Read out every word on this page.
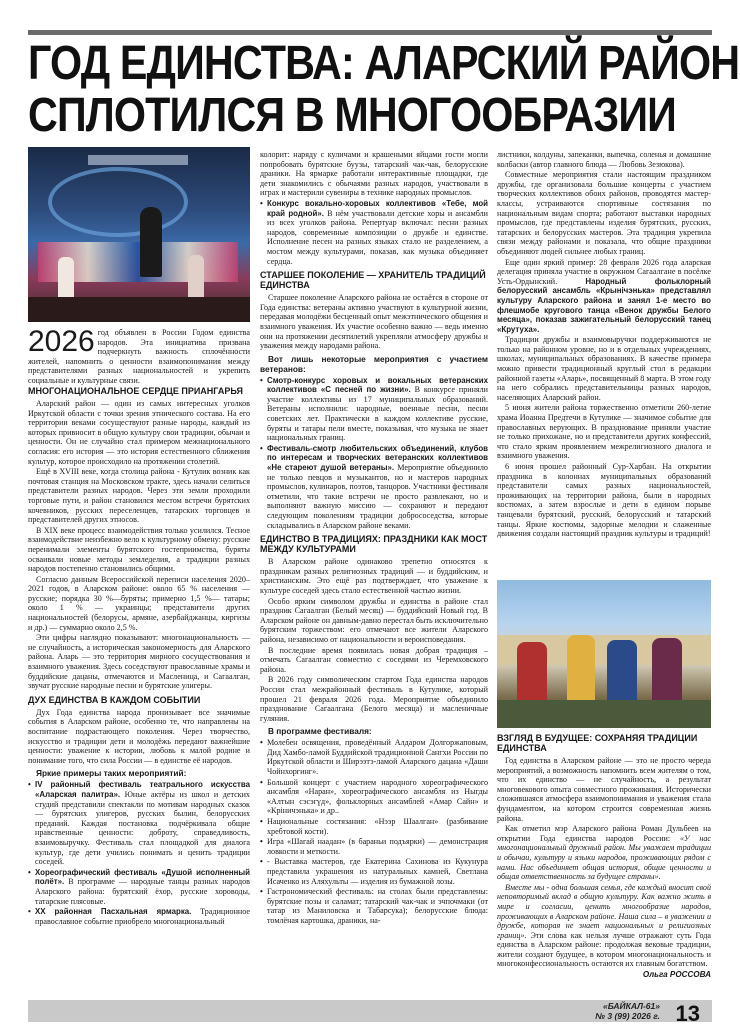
ГОД ЕДИНСТВА: АЛАРСКИЙ РАЙОН
СПЛОТИЛСЯ В МНОГООБРАЗИИ
2026 год объявлен в России Годом единства народов. Эта инициатива призвана подчеркнуть важность сплочённости жителей, напомнить о ценности взаимопонимания между представителями разных национальностей и укрепить социальные и культурные связи.
МНОГОНАЦИОНАЛЬНОЕ СЕРДЦЕ ПРИАНГАРЬЯ

Аларский район — один из самых интересных уголков Иркутской области с точки зрения этнического состава. На его территории веками сосуществуют разные народы, каждый из которых привносит в общую культуру свои традиции, обычаи и ценности. Он не случайно стал примером межнационального согласия: его история — это история естественного сближения культур, которое происходило на протяжении столетий.

Ещё в XVIII веке, когда столица района - Кутулик возник как почтовая станция на Московском тракте, здесь начали селиться представители разных народов. Через эти земли проходили торговые пути, и район становился местом встречи бурятских кочевников, русских переселенцев, татарских торговцев и представителей других этносов.

В XIX веке процесс взаимодействия только усилился. Тесное взаимодействие неизбежно вело к культурному обмену: русские перенимали элементы бурятского гостеприимства, буряты осваивали новые методы земледелия, а традиции разных народов постепенно становились общими.

Согласно данным Всероссийской переписи населения 2020–2021 годов, в Аларском районе: около 65 % населения — русские; порядка 30 %—буряты; примерно 1,5 %— татары; около 1 % — украинцы; представители других национальностей (белорусы, армяне, азербайджанцы, киргизы и др.) — суммарно около 2,5 %.

Эти цифры наглядно показывают: многонациональность — не случайность, а историческая закономерность для Аларского района. Аларь — это территория мирного сосуществования и взаимного уважения. Здесь соседствуют православные храмы и буддийские дацаны, отмечаются и Масленица, и Сагаалган, звучат русские народные песни и бурятские улигеры.

ДУХ ЕДИНСТВА В КАЖДОМ СОБЫТИИ

Дух Года единства народа пронизывает все значимые события в Аларском районе, особенно те, что направлены на воспитание подрастающего поколения. Через творчество, искусство и традиции дети и молодёжь передают важнейшие ценности: уважение к истории, любовь к малой родине и понимание того, что сила России — в единстве её народов.

Яркие примеры таких мероприятий:
• IV районный фестиваль театрального искусства «Аларская палитра». Юные актёры из школ и детских студий представили спектакли по мотивам народных сказок — бурятских улигеров, русских былин, белорусских преданий. Каждая постановка подчёркивала общие нравственные ценности: доброту, справедливость, взаимовыручку. Фестиваль стал площадкой для диалога культур, где дети учились понимать и ценить традиции соседей.
• Хореографический фестиваль «Душой исполненный полёт». В программе — народные танцы разных народов Аларского района: бурятский ёхор, русские хороводы, татарские плясовые.
• XX районная Пасхальная ярмарка. Традиционное православное событие приобрело многонациональный

колорит: наряду с куличами и крашеными яйцами гости могли попробовать бурятские буузы, татарский чак-чак, белорусские драники. На ярмарке работали интерактивные площадки, где дети знакомились с обычаями разных народов, участвовали в играх и мастерили сувениры в технике народных промыслов.

• Конкурс вокально-хоровых коллективов «Тебе, мой край родной». В нём участвовали детские хоры и ансамбли из всех уголков района. Репертуар включал: песни разных народов, современные композиции о дружбе и единстве. Исполнение песен на разных языках стало не разделением, а мостом между культурами, показав, как музыка объединяет сердца.
СТАРШЕЕ ПОКОЛЕНИЕ — ХРАНИТЕЛЬ ТРАДИЦИЙ ЕДИНСТВА

Старшее поколение Аларского района не остаётся в стороне от Года единства: ветераны активно участвуют в культурной жизни, передавая молодёжи бесценный опыт межэтнического общения и взаимного уважения. Их участие особенно важно — ведь именно они на протяжении десятилетий укрепляли атмосферу дружбы и уважения между народами района.

Вот лишь некоторые мероприятия с участием ветеранов:
• Смотр-конкурс хоровых и вокальных ветеранских коллективов «С песней по жизни». В конкурсе приняли участие коллективы из 17 муниципальных образований. Ветераны исполнили: народные, военные песни, песни советских лет. Практически в каждом коллективе русские, буряты и татары пели вместе, показывая, что музыка не знает национальных границ.
• Фестиваль-смотр любительских объединений, клубов по интересам и творческих ветеранских коллективов «Не стареют душой ветераны». Мероприятие объединило не только певцов и музыкантов, но и мастеров народных промыслов, кулинаров, поэтов, танцоров. Участники фестиваля отметили, что такие встречи не просто развлекают, но и выполняют важную миссию — сохраняют и передают следующим поколениям традиции добрососедства, которые складывались в Аларском районе веками.
ЕДИНСТВО В ТРАДИЦИЯХ: ПРАЗДНИКИ КАК МОСТ МЕЖДУ КУЛЬТУРАМИ

В Аларском районе одинаково трепетно относятся к праздникам разных религиозных традиций — и буддийским, и христианским. Это ещё раз подтверждает, что уважение к культуре соседей здесь стало естественной частью жизни.

Особо ярким символом дружбы и единства в районе стал праздник Сагаалган (Белый месяц) — буддийский Новый год. В Аларском районе он давным-давно перестал быть исключительно бурятским торжеством: его отмечают все жители Аларского района, независимо от национальности и вероисповедания.

В последние время появилась новая добрая традиция – отмечать Сагаалган совместно с соседями из Черемховского района.

В 2026 году символическим стартом Года единства народов России стал межрайонный фестиваль в Кутулике, который прошел 21 февраля 2026 года. Мероприятие объединило празднование Сагаалгана (Белого месяца) и масленичные гуляния.

В программе фестиваля:
• Молебен освящения, проведённый Алдаром Долгоржаповым, Дид Хамбо-ламой Буддийской традиционной Сангхи России по Иркутской области и Ширээтэ-ламой Аларского дацана «Даши Чойнхоргинг».
• Большой концерт с участием народного хореографического ансамбля «Наран», хореографического ансамбля из Ныгды «Алтын сэсэгүд», фольклорных ансамблей «Амар Сайн» и «Крiничэнька» и др..
• Национальные состязания: «Нээр Шаалган» (разбивание хребтовой кости).
• Игра «Шагай наадан» (в бараньи подъярки) — демонстрация ловкости и меткости.
• - Выставка мастеров, где Екатерина Сахинова из Кукунура представила украшения из натуральных камней, Светлана Исаченко из Аляхульты — изделия из бумажной лозы.
• Гастрономический фестиваль: на столах были представлены: бурятские позы и саламат; татарский чак-чак и эчпочмаки (от татар из Маниловска и Табарсука); белорусские блюда: томлёная картошка, драники, на-

листники, колдуны, запеканки, выпечка, соленья и домашние колбаски (автор главного блюда — Любовь Зезюкова).

Совместные мероприятия стали настоящим праздником дружбы, где организовала большие концерты с участием творческих коллективов обоих районов, проводятся мастер-классы, устраиваются спортивные состязания по национальным видам спорта; работают выставки народных промыслов, где представлены изделия бурятских, русских, татарских и белорусских мастеров. Эта традиция укрепила связи между районами и показала, что общие праздники объединяют людей сильнее любых границ.

Еще один яркий пример: 28 февраля 2026 года аларская делегация приняла участие в окружном Сагаалгане в посёлке Усть-Ордынский. Народный фольклорный белорусский ансамбль «Крынічэнька» представлял культуру Аларского района и занял 1-е место во флешмобе кругового танца «Венок дружбы Белого месяца», показав зажигательный белорусский танец «Крутуха».

Традиции дружбы и взаимовыручки поддерживаются не только на районном уровне, но и в отдельных учреждениях, школах, муниципальных образованиях. В качестве примера можно привести традиционный круглый стол в редакции районной газеты «Аларь», посвященный 8 марта. В этом году на него собрались представительницы разных народов, населяющих Аларский район.

5 июня жители района торжественно отметили 260-летие храма Иоанна Предтечи в Кутулике — значимое событие для православных верующих. В празднование приняли участие не только прихожане, но и представители других конфессий, что стало ярким проявлением межрелигиозного диалога и взаимного уважения.

6 июня прошел районный Сур-Харбан. На открытии праздника в колоннах муниципальных образований представители самых разных национальностей, проживающих на территории района, были в народных костюмах, а затем взрослые и дети в едином порыве танцевали бурятский, русский, белорусский и татарский танцы. Яркие костюмы, задорные мелодии и слаженные движения создали настоящий праздник культуры и традиций!

ВЗГЛЯД В БУДУЩЕЕ: СОХРАНЯЯ ТРАДИЦИИ ЕДИНСТВА

Год единства в Аларском районе — это не просто череда мероприятий, а возможность напомнить всем жителям о том, что их единство — не случайность, а результат многовекового опыта совместного проживания. Исторически сложившаяся атмосфера взаимопонимания и уважения стала фундаментом, на котором строится современная жизнь района.

Как отметил мэр Аларского района Роман Дульбеев на открытии Года единства народов России: «У нас многонациональный дружный район. Мы уважаем традиции и обычаи, культуру и языки народов, проживающих рядом с нами. Нас объединяет общая история, общие ценности и общая ответственность за будущее страны».

Вместе мы - одна большая семья, где каждый вносит свой неповторимый вклад в общую культуру. Как важно жить в мире и согласии, ценить многообразие народов, проживающих в Аларском районе. Наша сила – в уважении и дружбе, которая не знает национальных и религиозных границ». Эти слова как нельзя лучше отражают суть Года единства в Аларском районе: продолжая вековые традиции, жители создают будущее, в котором многонациональность и многоконфессиональность остаются их главным богатством.

Ольга РОССОВА
«БАЙКАЛ-61»
№ 3 (99) 2026 г. 13
